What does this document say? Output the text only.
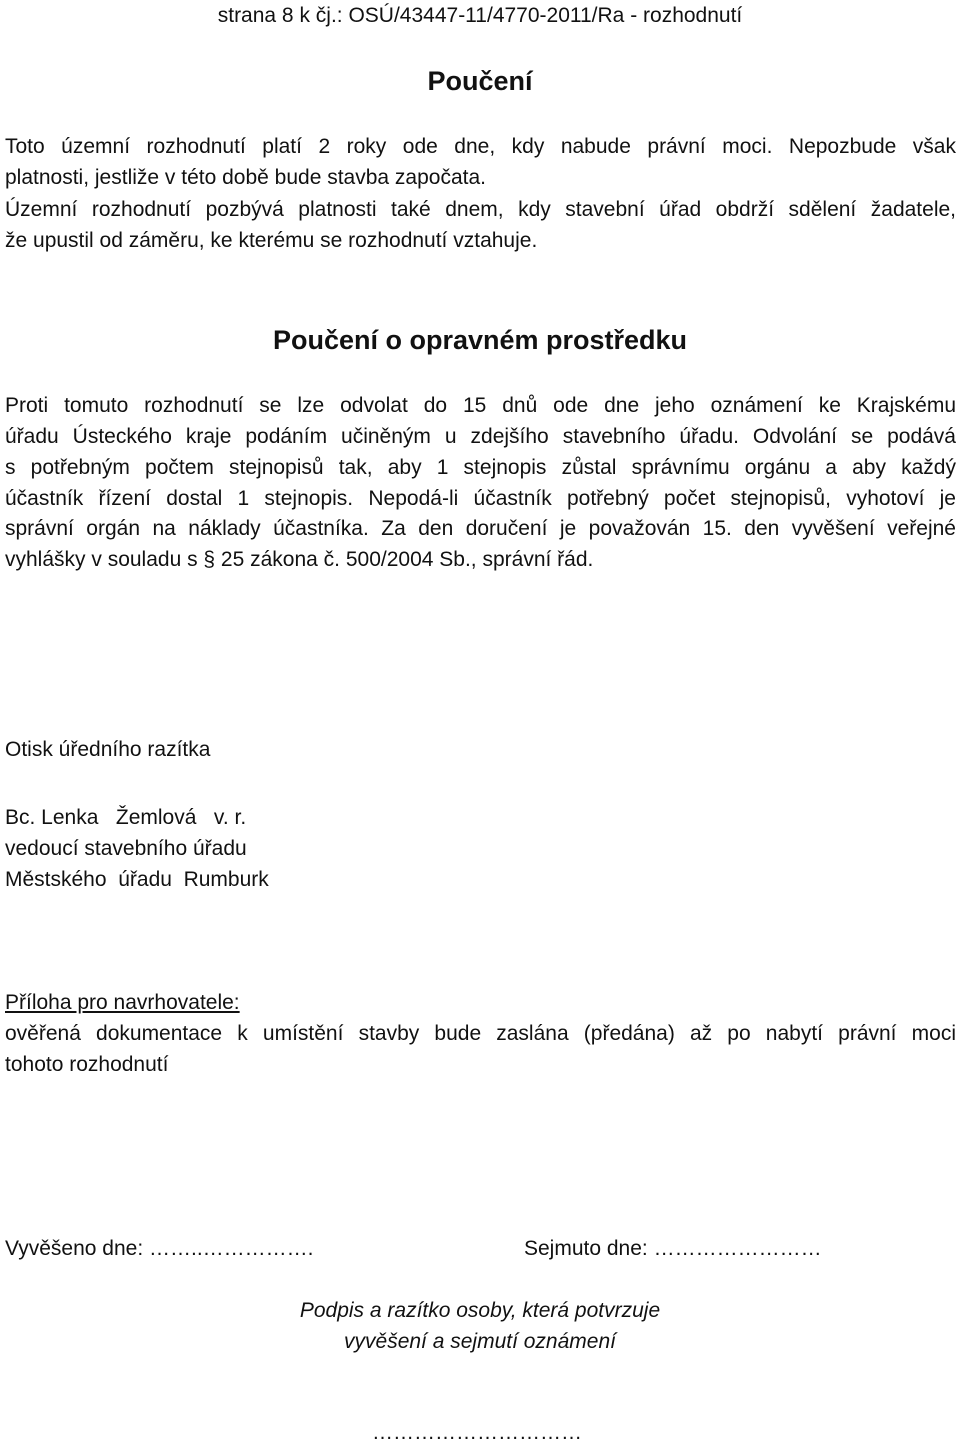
strana 8 k čj.: OSÚ/43447-11/4770-2011/Ra - rozhodnutí

Poučení

Toto územní rozhodnutí platí 2 roky ode dne, kdy nabude právní moci. Nepozbude však

platnosti, jestliže v této době bude stavba započata.

Územní rozhodnutí pozbývá platnosti také dnem, kdy stavební úřad obdrží sdělení žadatele,

že upustil od záměru, ke kterému se rozhodnutí vztahuje.

Poučení o opravném prostředku

Proti tomuto rozhodnutí se lze odvolat do 15 dnů ode dne jeho oznámení ke Krajskému

úřadu Ústeckého kraje podáním učiněným u zdejšího stavebního úřadu. Odvolání se podává

s potřebným počtem stejnopisů tak, aby 1 stejnopis zůstal správnímu orgánu a aby každý

účastník řízení dostal 1 stejnopis. Nepodá-li účastník potřebný počet stejnopisů, vyhotoví je

správní orgán na náklady účastníka. Za den doručení je považován 15. den vyvěšení veřejné

vyhlášky v souladu s § 25 zákona č. 500/2004 Sb., správní řád.

Otisk úředního razítka

Bc. Lenka   Žemlová   v. r.

vedoucí stavebního úřadu

Městského  úřadu  Rumburk

Příloha pro navrhovatele:

ověřená dokumentace k umístění stavby bude zaslána (předána) až po nabytí právní moci

tohoto rozhodnutí

Vyvěšeno dne: ……..…………….	Sejmuto dne: ……………………

Podpis a razítko osoby, která potvrzuje

vyvěšení a sejmutí oznámení

…………………………
